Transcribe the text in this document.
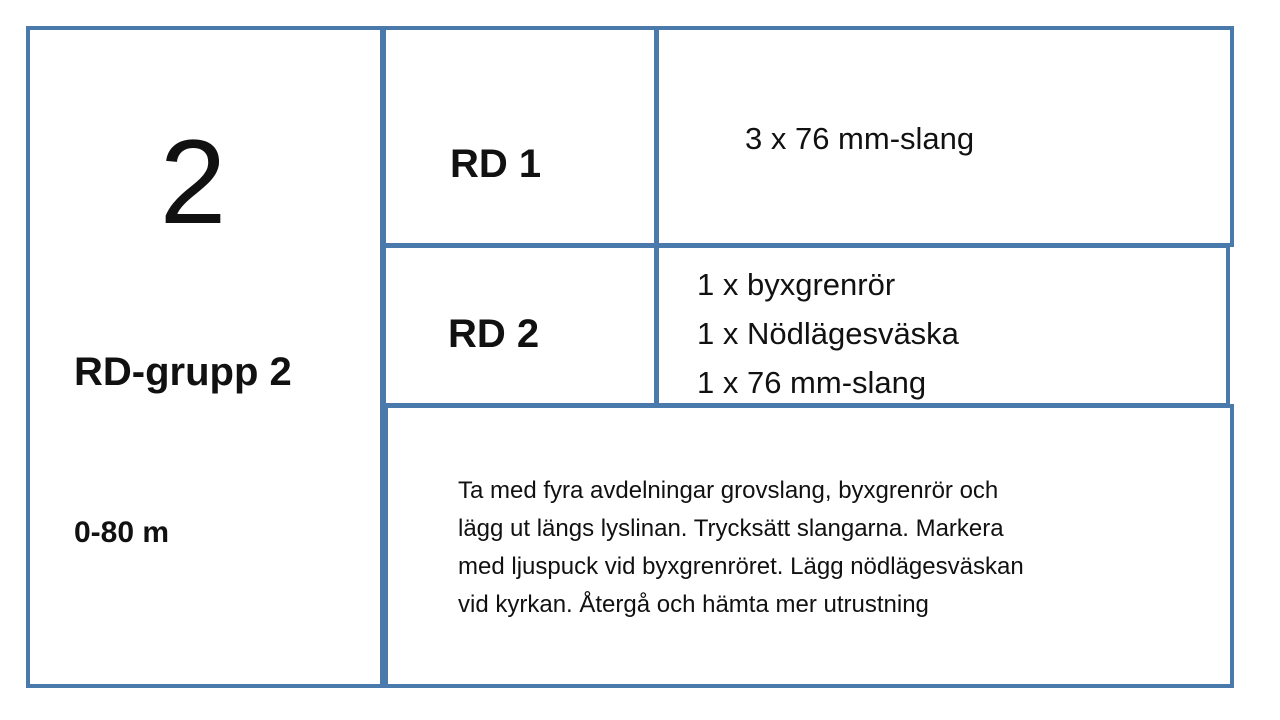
2
RD-grupp 2
0-80 m
RD 1
3 x 76 mm-slang
RD 2
1 x byxgrenrör
1 x Nödlägesväska
1 x 76 mm-slang

Ta med fyra avdelningar grovslang, byxgrenrör och
lägg ut längs lyslinan. Trycksätt slangarna. Markera
med ljuspuck vid byxgrenröret. Lägg nödlägesväskan
vid kyrkan. Återgå och hämta mer utrustning
